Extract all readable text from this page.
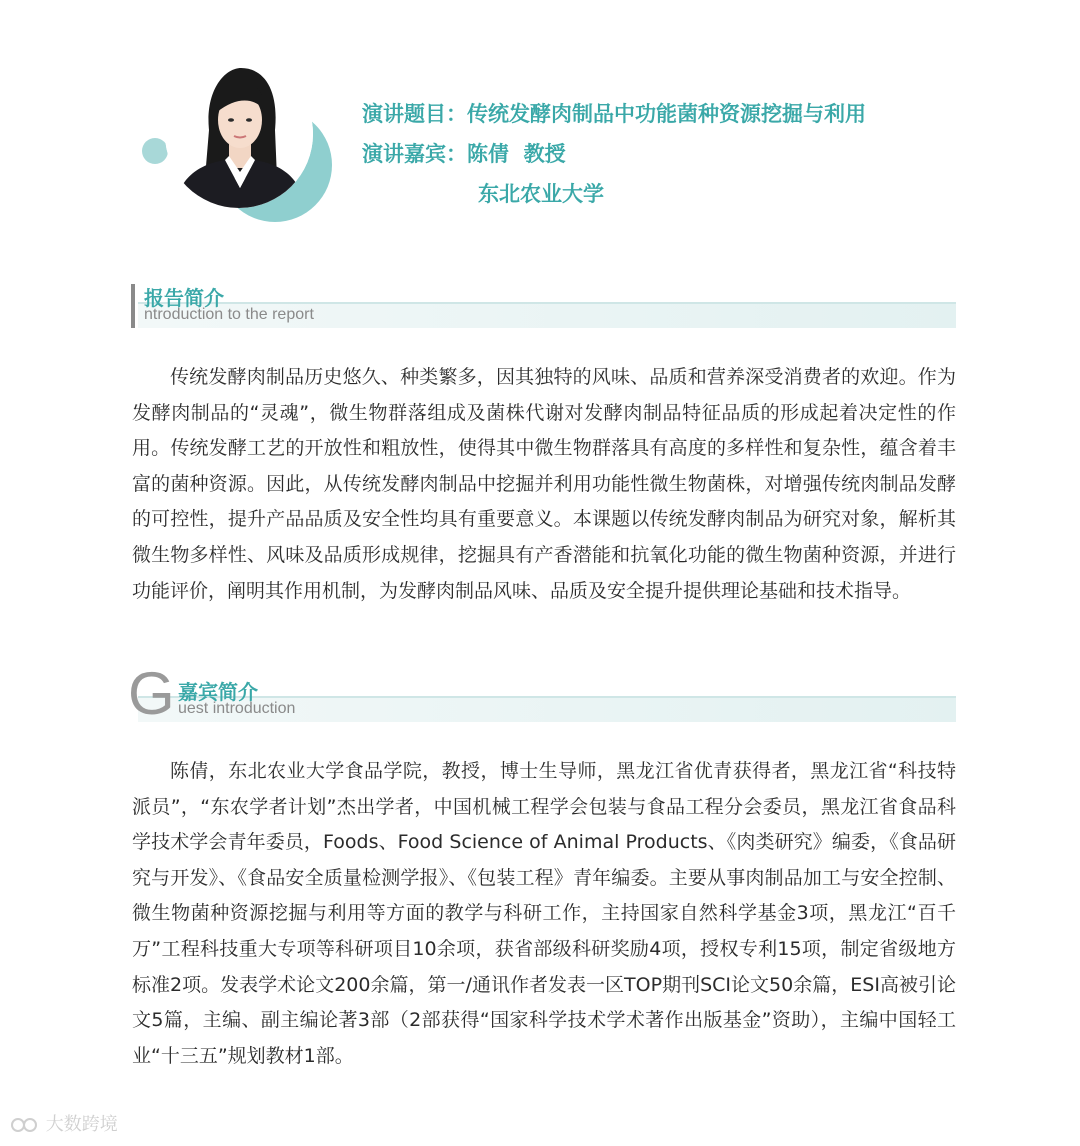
演讲题目：传统发酵肉制品中功能菌种资源挖掘与利用
演讲嘉宾：陈倩  教授
东北农业大学
报告简介
ntroduction to the report
传统发酵肉制品历史悠久、种类繁多，因其独特的风味、品质和营养深受消费者的欢迎。作为发酵肉制品的“灵魂”，微生物群落组成及菌株代谢对发酵肉制品特征品质的形成起着决定性的作用。传统发酵工艺的开放性和粗放性，使得其中微生物群落具有高度的多样性和复杂性，蕴含着丰富的菌种资源。因此，从传统发酵肉制品中挖掘并利用功能性微生物菌株，对增强传统肉制品发酵的可控性，提升产品品质及安全性均具有重要意义。本课题以传统发酵肉制品为研究对象，解析其微生物多样性、风味及品质形成规律，挖掘具有产香潜能和抗氧化功能的微生物菌种资源，并进行功能评价，阐明其作用机制，为发酵肉制品风味、品质及安全提升提供理论基础和技术指导。
G 嘉宾简介
uest introduction
陈倩，东北农业大学食品学院，教授，博士生导师，黑龙江省优青获得者，黑龙江省“科技特派员”，“东农学者计划”杰出学者，中国机械工程学会包装与食品工程分会委员，黑龙江省食品科学技术学会青年委员，Foods、Food Science of Animal Products、《肉类研究》编委，《食品研究与开发》、《食品安全质量检测学报》、《包装工程》青年编委。主要从事肉制品加工与安全控制、微生物菌种资源挖掘与利用等方面的教学与科研工作，主持国家自然科学基金3项，黑龙江“百千万”工程科技重大专项等科研项目10余项，获省部级科研奖励4项，授权专利15项，制定省级地方标准2项。发表学术论文200余篇，第一/通讯作者发表一区TOP期刊SCI论文50余篇，ESI高被引论文5篇，主编、副主编论著3部（2部获得“国家科学技术学术著作出版基金”资助），主编中国轻工业“十三五”规划教材1部。
大数跨境
